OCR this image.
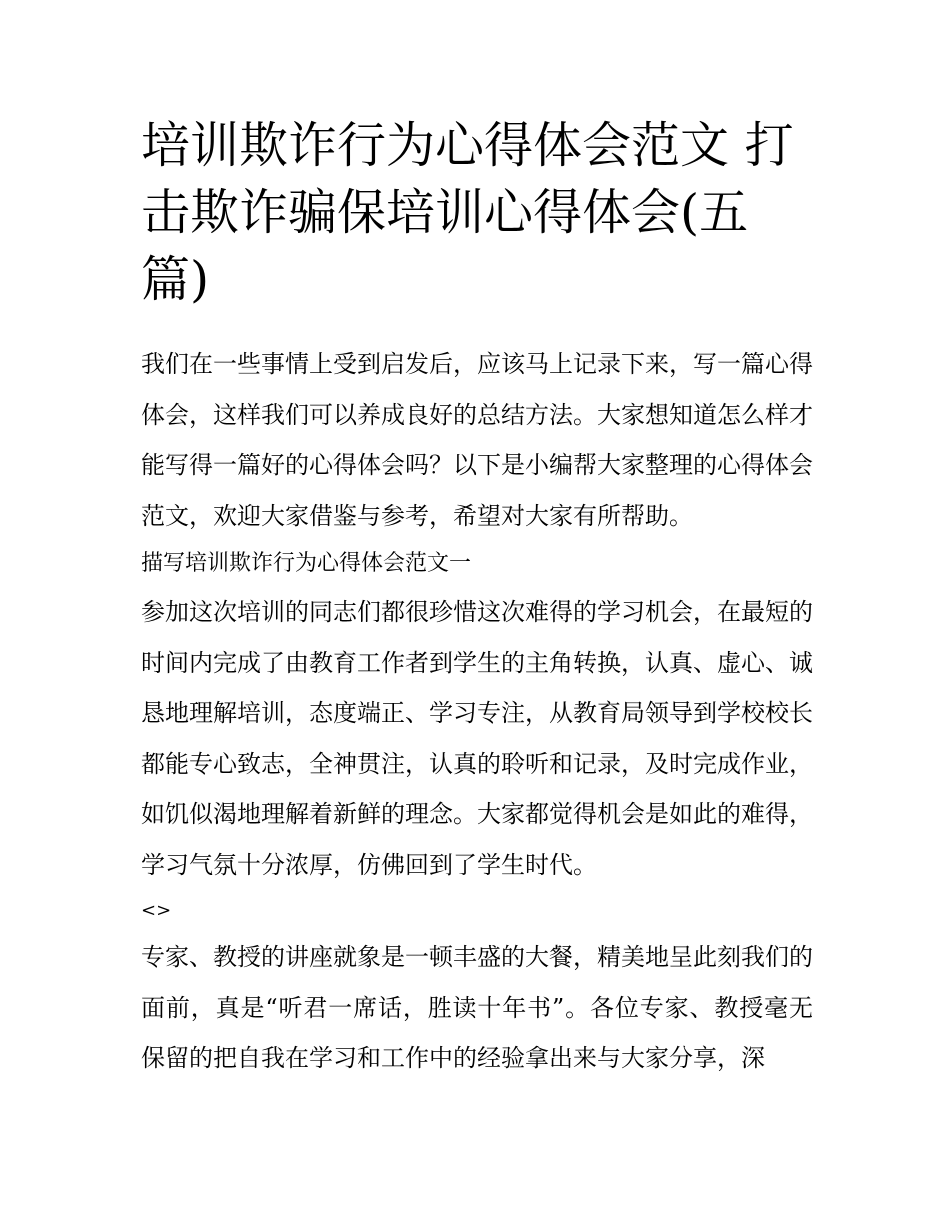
培训欺诈行为心得体会范文 打击欺诈骗保培训心得体会(五篇)

我们在一些事情上受到启发后，应该马上记录下来，写一篇心得体会，这样我们可以养成良好的总结方法。大家想知道怎么样才能写得一篇好的心得体会吗？以下是小编帮大家整理的心得体会范文，欢迎大家借鉴与参考，希望对大家有所帮助。

描写培训欺诈行为心得体会范文一

参加这次培训的同志们都很珍惜这次难得的学习机会，在最短的时间内完成了由教育工作者到学生的主角转换，认真、虚心、诚恳地理解培训，态度端正、学习专注，从教育局领导到学校校长都能专心致志，全神贯注，认真的聆听和记录，及时完成作业，如饥似渴地理解着新鲜的理念。大家都觉得机会是如此的难得，学习气氛十分浓厚，仿佛回到了学生时代。

<>

专家、教授的讲座就象是一顿丰盛的大餐，精美地呈此刻我们的面前，真是“听君一席话，胜读十年书”。各位专家、教授毫无保留的把自我在学习和工作中的经验拿出来与大家分享，深
